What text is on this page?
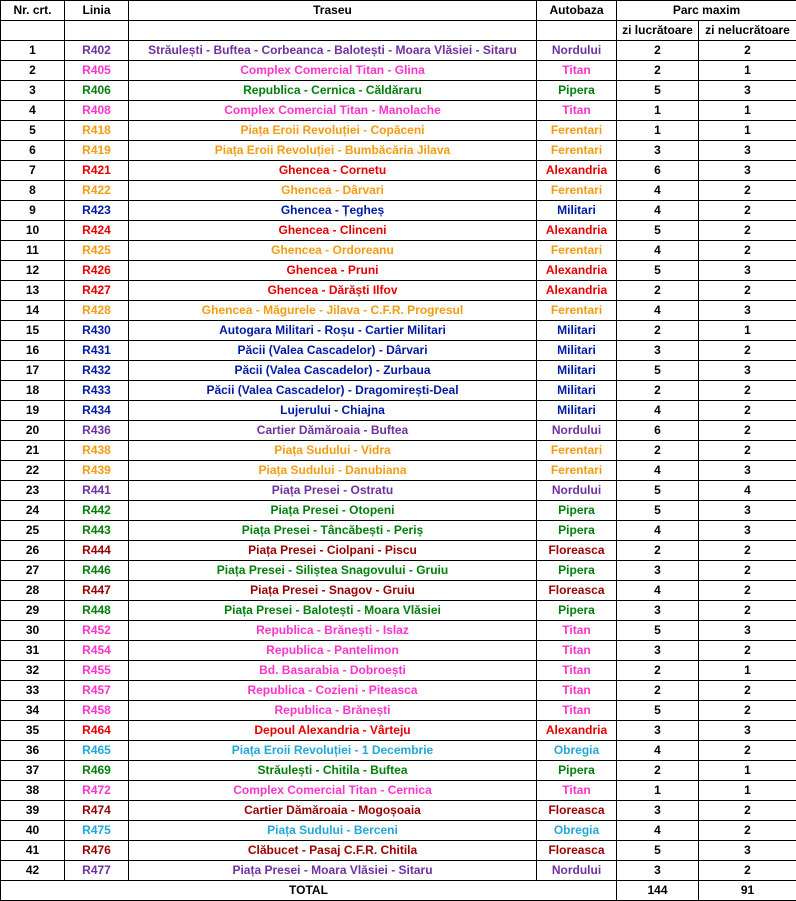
Nr. crt.	Linia	Traseu	Autobaza	Parc maxim	
				zi lucrătoare	zi nelucrătoare
1	R402	Străulești - Buftea - Corbeanca - Balotești - Moara Vlăsiei - Sitaru	Nordului	2	2
2	R405	Complex Comercial Titan - Glina	Titan	2	1
3	R406	Republica - Cernica - Căldăraru	Pipera	5	3
4	R408	Complex Comercial Titan - Manolache	Titan	1	1
5	R418	Piața Eroii Revoluției - Copăceni	Ferentari	1	1
6	R419	Piața Eroii Revoluției - Bumbăcăria Jilava	Ferentari	3	3
7	R421	Ghencea - Cornetu	Alexandria	6	3
8	R422	Ghencea - Dârvari	Ferentari	4	2
9	R423	Ghencea - Țegheș	Militari	4	2
10	R424	Ghencea - Clinceni	Alexandria	5	2
11	R425	Ghencea - Ordoreanu	Ferentari	4	2
12	R426	Ghencea - Pruni	Alexandria	5	3
13	R427	Ghencea - Dărăști Ilfov	Alexandria	2	2
14	R428	Ghencea - Măgurele - Jilava - C.F.R. Progresul	Ferentari	4	3
15	R430	Autogara Militari - Roșu - Cartier Militari	Militari	2	1
16	R431	Păcii (Valea Cascadelor) - Dârvari	Militari	3	2
17	R432	Păcii (Valea Cascadelor) - Zurbaua	Militari	5	3
18	R433	Păcii (Valea Cascadelor) - Dragomirești-Deal	Militari	2	2
19	R434	Lujerului - Chiajna	Militari	4	2
20	R436	Cartier Dămăroaia - Buftea	Nordului	6	2
21	R438	Piața Sudului - Vidra	Ferentari	2	2
22	R439	Piața Sudului - Danubiana	Ferentari	4	3
23	R441	Piața Presei - Ostratu	Nordului	5	4
24	R442	Piața Presei - Otopeni	Pipera	5	3
25	R443	Piața Presei - Tâncăbești - Periș	Pipera	4	3
26	R444	Piața Presei - Ciolpani - Piscu	Floreasca	2	2
27	R446	Piața Presei - Siliștea Snagovului - Gruiu	Pipera	3	2
28	R447	Piața Presei - Snagov - Gruiu	Floreasca	4	2
29	R448	Piața Presei - Balotești - Moara Vlăsiei	Pipera	3	2
30	R452	Republica - Brănești - Islaz	Titan	5	3
31	R454	Republica - Pantelimon	Titan	3	2
32	R455	Bd. Basarabia - Dobroești	Titan	2	1
33	R457	Republica - Cozieni - Piteasca	Titan	2	2
34	R458	Republica - Brănești	Titan	5	2
35	R464	Depoul Alexandria - Vârteju	Alexandria	3	3
36	R465	Piața Eroii Revoluției - 1 Decembrie	Obregia	4	2
37	R469	Străulești - Chitila - Buftea	Pipera	2	1
38	R472	Complex Comercial Titan - Cernica	Titan	1	1
39	R474	Cartier Dămăroaia - Mogoșoaia	Floreasca	3	2
40	R475	Piața Sudului - Berceni	Obregia	4	2
41	R476	Clăbucet - Pasaj C.F.R. Chitila	Floreasca	5	3
42	R477	Piața Presei - Moara Vlăsiei - Sitaru	Nordului	3	2
TOTAL				144	91
